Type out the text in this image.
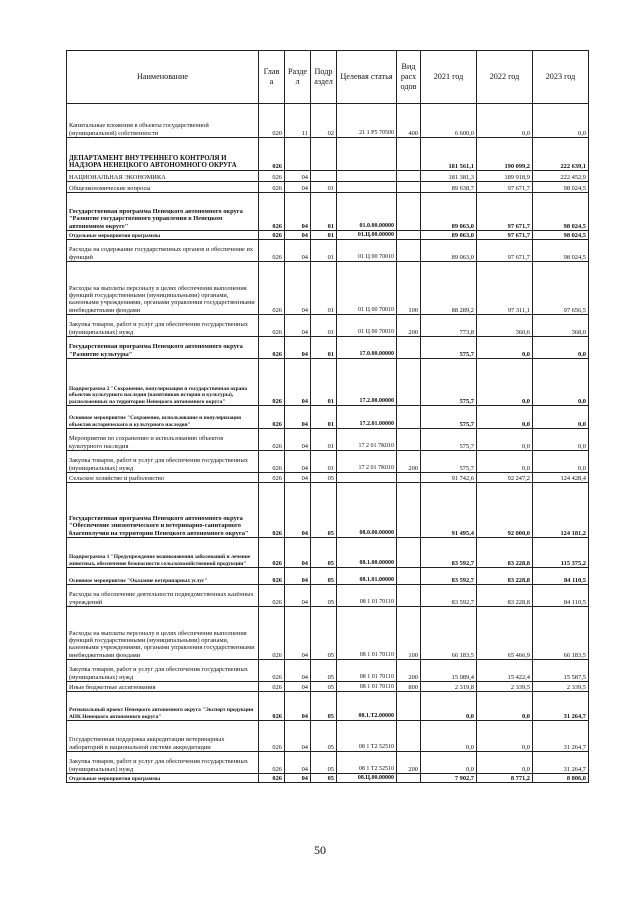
Наименование	Глав а	Разде л	Подр аздел	Целевая статья	Вид расх одов	2021 год	2022 год	2023 год
Капитальные вложения в объекты государственной (муниципальной) собственности	020	11	02	21 1 P5 70500	400	6 600,0	0,0	0,0
ДЕПАРТАМЕНТ ВНУТРЕННЕГО КОНТРОЛЯ И НАДЗОРА НЕНЕЦКОГО АВТОНОМНОГО ОКРУГА	026					181 561,1	190 099,2	222 639,1
НАЦИОНАЛЬНАЯ ЭКОНОМИКА	026	04				181 381,3	189 918,9	222 452,9
Общеэкономические вопросы	026	04	01			89 638,7	97 671,7	98 024,5
Государственная программа Ненецкого автономного округа "Развитие государственного управления в Ненецком автономном округе"	026	04	01	01.0.00.00000		89 063,0	97 671,7	98 024,5
Отдельные мероприятия программы	026	04	01	01.Ц.00.00000		89 063,0	97 671,7	98 024,5
Расходы на содержание государственных органов и обеспечение их функций	026	04	01	01 Ц 00 70010		89 063,0	97 671,7	98 024,5
Расходы на выплаты персоналу в целях обеспечения выполнения функций государственными (муниципальными) органами, казенными учреждениями, органами управления государственными внебюджетными фондами	026	04	01	01 Ц 00 70010	100	88 289,2	97 311,1	97 656,5
Закупка товаров, работ и услуг для обеспечения государственных (муниципальных) нужд	026	04	01	01 Ц 00 70010	200	773,8	360,6	368,0
Государственная программа Ненецкого автономного округа "Развитие культуры"	026	04	01	17.0.00.00000		575,7	0,0	0,0
Подпрограмма 2 "Сохранение, популяризация и государственная охрана объектов культурного наследия (памятников истории и культуры), расположенных на территории Ненецкого автономного округа"	026	04	01	17.2.00.00000		575,7	0,0	0,0
Основное мероприятие "Сохранение, использование и популяризация объектов исторического и культурного наследия"	026	04	01	17.2.01.00000		575,7	0,0	0,0
Мероприятия по сохранению и использованию объектов культурного наследия	026	04	01	17 2 01 7К010		575,7	0,0	0,0
Закупка товаров, работ и услуг для обеспечения государственных (муниципальных) нужд	026	04	01	17 2 01 7К010	200	575,7	0,0	0,0
Сельское хозяйство и рыболовство	026	04	05			91 742,6	92 247,2	124 428,4
Государственная программа Ненецкого автономного округа "Обеспечение эпизоотического и ветеринарно-санитарного благополучия на территории Ненецкого автономного округа"	026	04	05	08.0.00.00000		91 495,4	92 000,0	124 181,2
Подпрограмма 1 "Предупреждение возникновения заболеваний и лечение животных, обеспечение безопасности сельскохозяйственной продукции"	026	04	05	08.1.00.00000		83 592,7	83 228,8	115 375,2
Основное мероприятие "Оказание ветеринарных услуг"	026	04	05	08.1.01.00000		83 592,7	83 228,8	84 110,5
Расходы на обеспечение деятельности подведомственных казённых учреждений	026	04	05	08 1 01 70110		83 592,7	83 228,8	84 110,5
Расходы на выплаты персоналу в целях обеспечения выполнения функций государственными (муниципальными) органами, казенными учреждениями, органами управления государственными внебюджетными фондами	026	04	05	08 1 01 70110	100	66 183,5	65 466,9	66 183,5
Закупка товаров, работ и услуг для обеспечения государственных (муниципальных) нужд	026	04	05	08 1 01 70110	200	15 089,4	15 422,4	15 587,5
Иные бюджетные ассигнования	026	04	05	08 1 01 70110	800	2 319,8	2 339,5	2 339,5
Региональный проект Ненецкого автономного округа "Экспорт продукции АПК Ненецкого автономного округа"	026	04	05	08.1.Т2.00000		0,0	0,0	31 264,7
Государственная поддержка аккредитации ветеринарных лабораторий в национальной системе аккредитации	026	04	05	08 1 Т2 52510		0,0	0,0	31 264,7
Закупка товаров, работ и услуг для обеспечения государственных (муниципальных) нужд	026	04	05	08 1 Т2 52510	200	0,0	0,0	31 264,7
Отдельные мероприятия программы	026	04	05	08.Ц.00.00000		7 902,7	8 771,2	8 806,0
50
